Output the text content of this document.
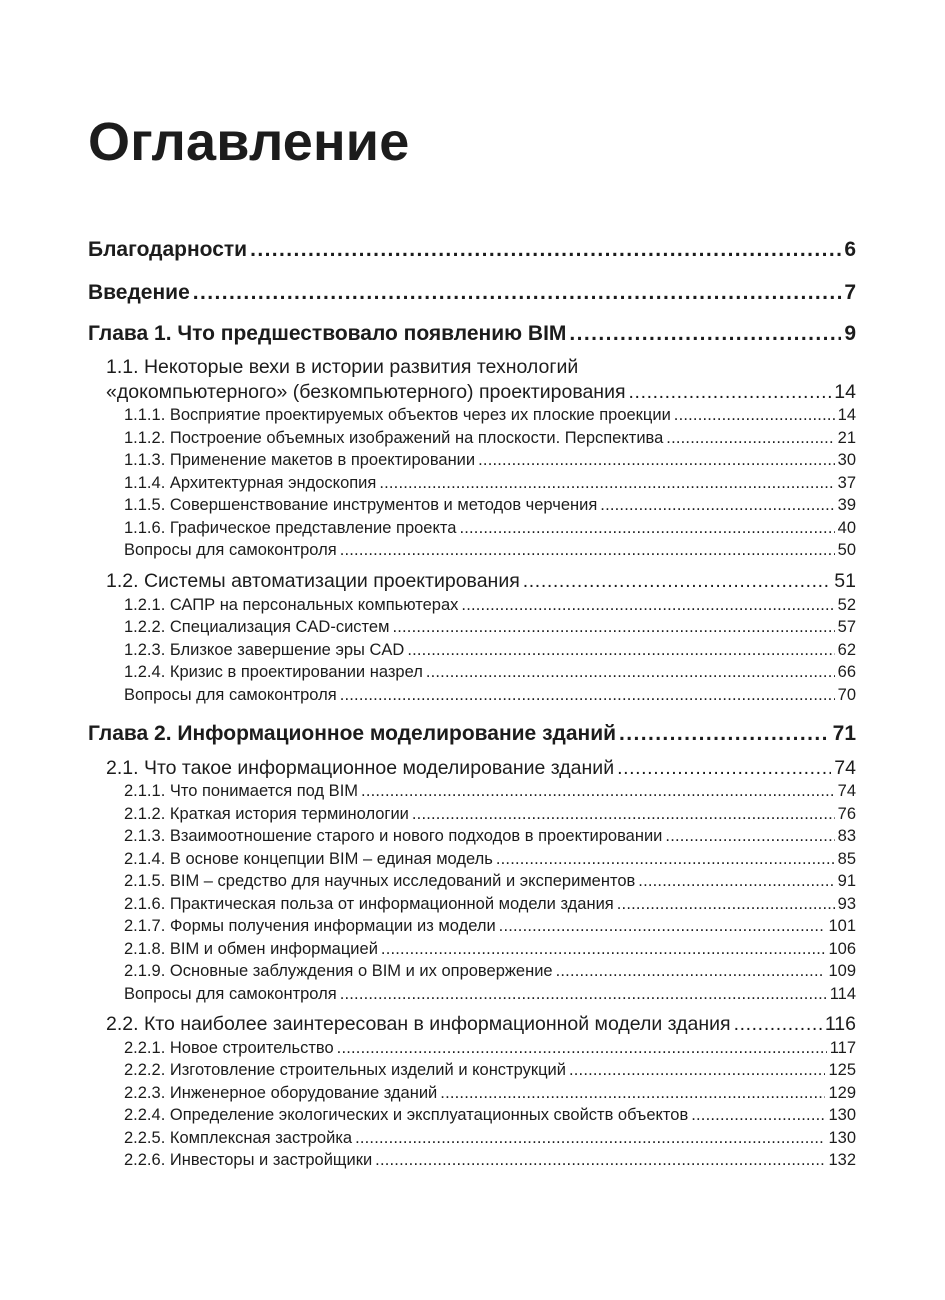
Оглавление
Благодарности .....	6
Введение .....	7
Глава 1. Что предшествовало появлению BIM .....	9
1.1. Некоторые вехи в истории развития технологий
«докомпьютерного» (безкомпьютерного) проектирования .....	14
1.1.1. Восприятие проектируемых объектов через их плоские проекции .....	14
1.1.2. Построение объемных изображений на плоскости. Перспектива .....	21
1.1.3. Применение макетов в проектировании .....	30
1.1.4. Архитектурная эндоскопия .....	37
1.1.5. Совершенствование инструментов и методов черчения .....	39
1.1.6. Графическое представление проекта .....	40
Вопросы для самоконтроля .....	50
1.2. Системы автоматизации проектирования .....	51
1.2.1. САПР на персональных компьютерах .....	52
1.2.2. Специализация CAD-систем .....	57
1.2.3. Близкое завершение эры CAD .....	62
1.2.4. Кризис в проектировании назрел .....	66
Вопросы для самоконтроля .....	70
Глава 2. Информационное моделирование зданий .....	71
2.1. Что такое информационное моделирование зданий .....	74
2.1.1. Что понимается под BIM .....	74
2.1.2. Краткая история терминологии .....	76
2.1.3. Взаимоотношение старого и нового подходов в проектировании .....	83
2.1.4. В основе концепции BIM – единая модель .....	85
2.1.5. BIM – средство для научных исследований и экспериментов .....	91
2.1.6. Практическая польза от информационной модели здания .....	93
2.1.7. Формы получения информации из модели .....	101
2.1.8. BIM и обмен информацией .....	106
2.1.9. Основные заблуждения о BIM и их опровержение .....	109
Вопросы для самоконтроля .....	114
2.2. Кто наиболее заинтересован в информационной модели здания .....	116
2.2.1. Новое строительство .....	117
2.2.2. Изготовление строительных изделий и конструкций .....	125
2.2.3. Инженерное оборудование зданий .....	129
2.2.4. Определение экологических и эксплуатационных свойств объектов .....	130
2.2.5. Комплексная застройка .....	130
2.2.6. Инвесторы и застройщики .....	132
